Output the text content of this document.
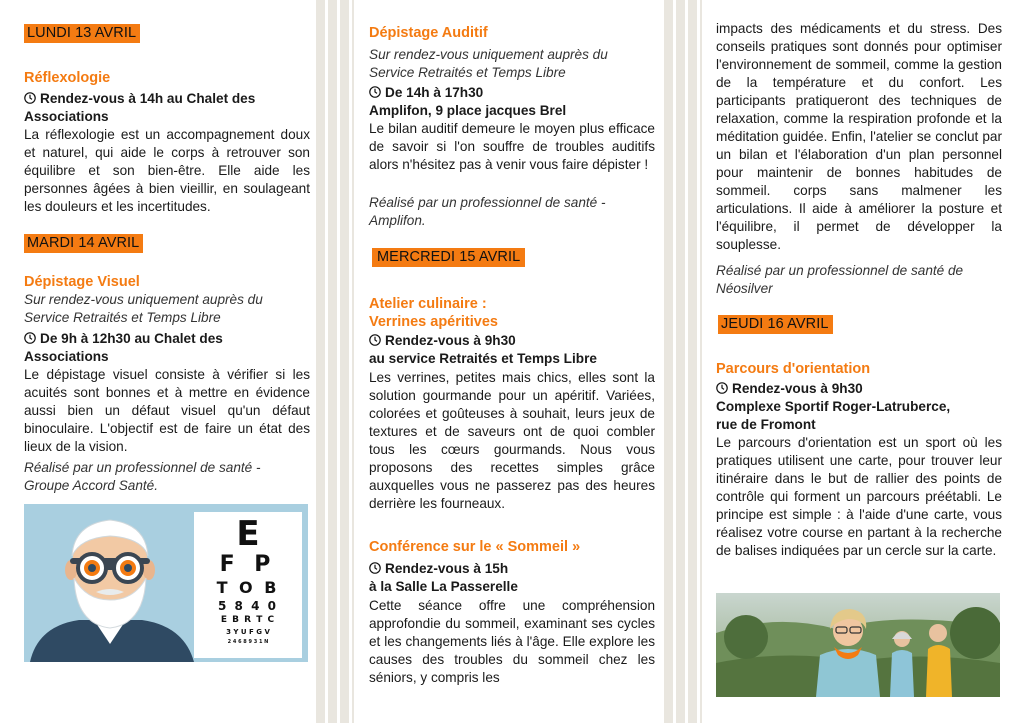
LUNDI 13 AVRIL
Réflexologie
Rendez-vous à 14h au Chalet des
Associations
La réflexologie est un accompagnement doux et naturel, qui aide le corps à retrouver son équilibre et son bien-être. Elle aide les personnes âgées à bien vieillir, en soulageant les douleurs et les incertitudes.
MARDI 14 AVRIL
Dépistage Visuel
Sur rendez-vous uniquement auprès du
Service Retraités et Temps Libre
De 9h à 12h30 au Chalet des
Associations
Le dépistage visuel consiste à vérifier si les acuités sont bonnes et à mettre en évidence aussi bien un défaut visuel qu'un défaut binoculaire. L'objectif est de faire un état des lieux de la vision.
Réalisé par un professionnel de santé -
Groupe Accord Santé.
E
F P
T O B
5 8 4 0
E B R T C
3 Y U F G V
2 4 6 8 9 3 1 N
Dépistage Auditif
Sur rendez-vous uniquement auprès du
Service Retraités et Temps Libre
De 14h à 17h30
Amplifon, 9 place jacques Brel
Le bilan auditif demeure le moyen plus efficace de savoir si l'on souffre de troubles auditifs alors n'hésitez pas à venir vous faire dépister !
Réalisé par un professionnel de santé -
Amplifon.
MERCREDI 15 AVRIL
Atelier culinaire :
Verrines apéritives
Rendez-vous à 9h30
au service Retraités et Temps Libre
Les verrines, petites mais chics, elles sont la solution gourmande pour un apéritif. Variées, colorées et goûteuses à souhait, leurs jeux de textures et de saveurs ont de quoi combler tous les cœurs gourmands. Nous vous proposons des recettes simples grâce auxquelles vous ne passerez pas des heures derrière les fourneaux.
Conférence sur le « Sommeil »
Rendez-vous à 15h
à la Salle La Passerelle
Cette séance offre une compréhension approfondie du sommeil, examinant ses cycles et les changements liés à l'âge. Elle explore les causes des troubles du sommeil chez les séniors, y compris les
impacts des médicaments et du stress. Des conseils pratiques sont donnés pour optimiser l'environnement de sommeil, comme la gestion de la température et du confort. Les participants pratiqueront des techniques de relaxation, comme la respiration profonde et la méditation guidée. Enfin, l'atelier se conclut par un bilan et l'élaboration d'un plan personnel pour maintenir de bonnes habitudes de sommeil. corps sans malmener les articulations. Il aide à améliorer la posture et l'équilibre, il permet de développer la souplesse.
Réalisé par un professionnel de santé de
Néosilver
JEUDI 16 AVRIL
Parcours d'orientation
Rendez-vous à 9h30
Complexe Sportif Roger-Latruberce,
rue de Fromont
Le parcours d'orientation est un sport où les pratiques utilisent une carte, pour trouver leur itinéraire dans le but de rallier des points de contrôle qui forment un parcours préétabli. Le principe est simple : à l'aide d'une carte, vous réalisez votre course en partant à la recherche de balises indiquées par un cercle sur la carte.
